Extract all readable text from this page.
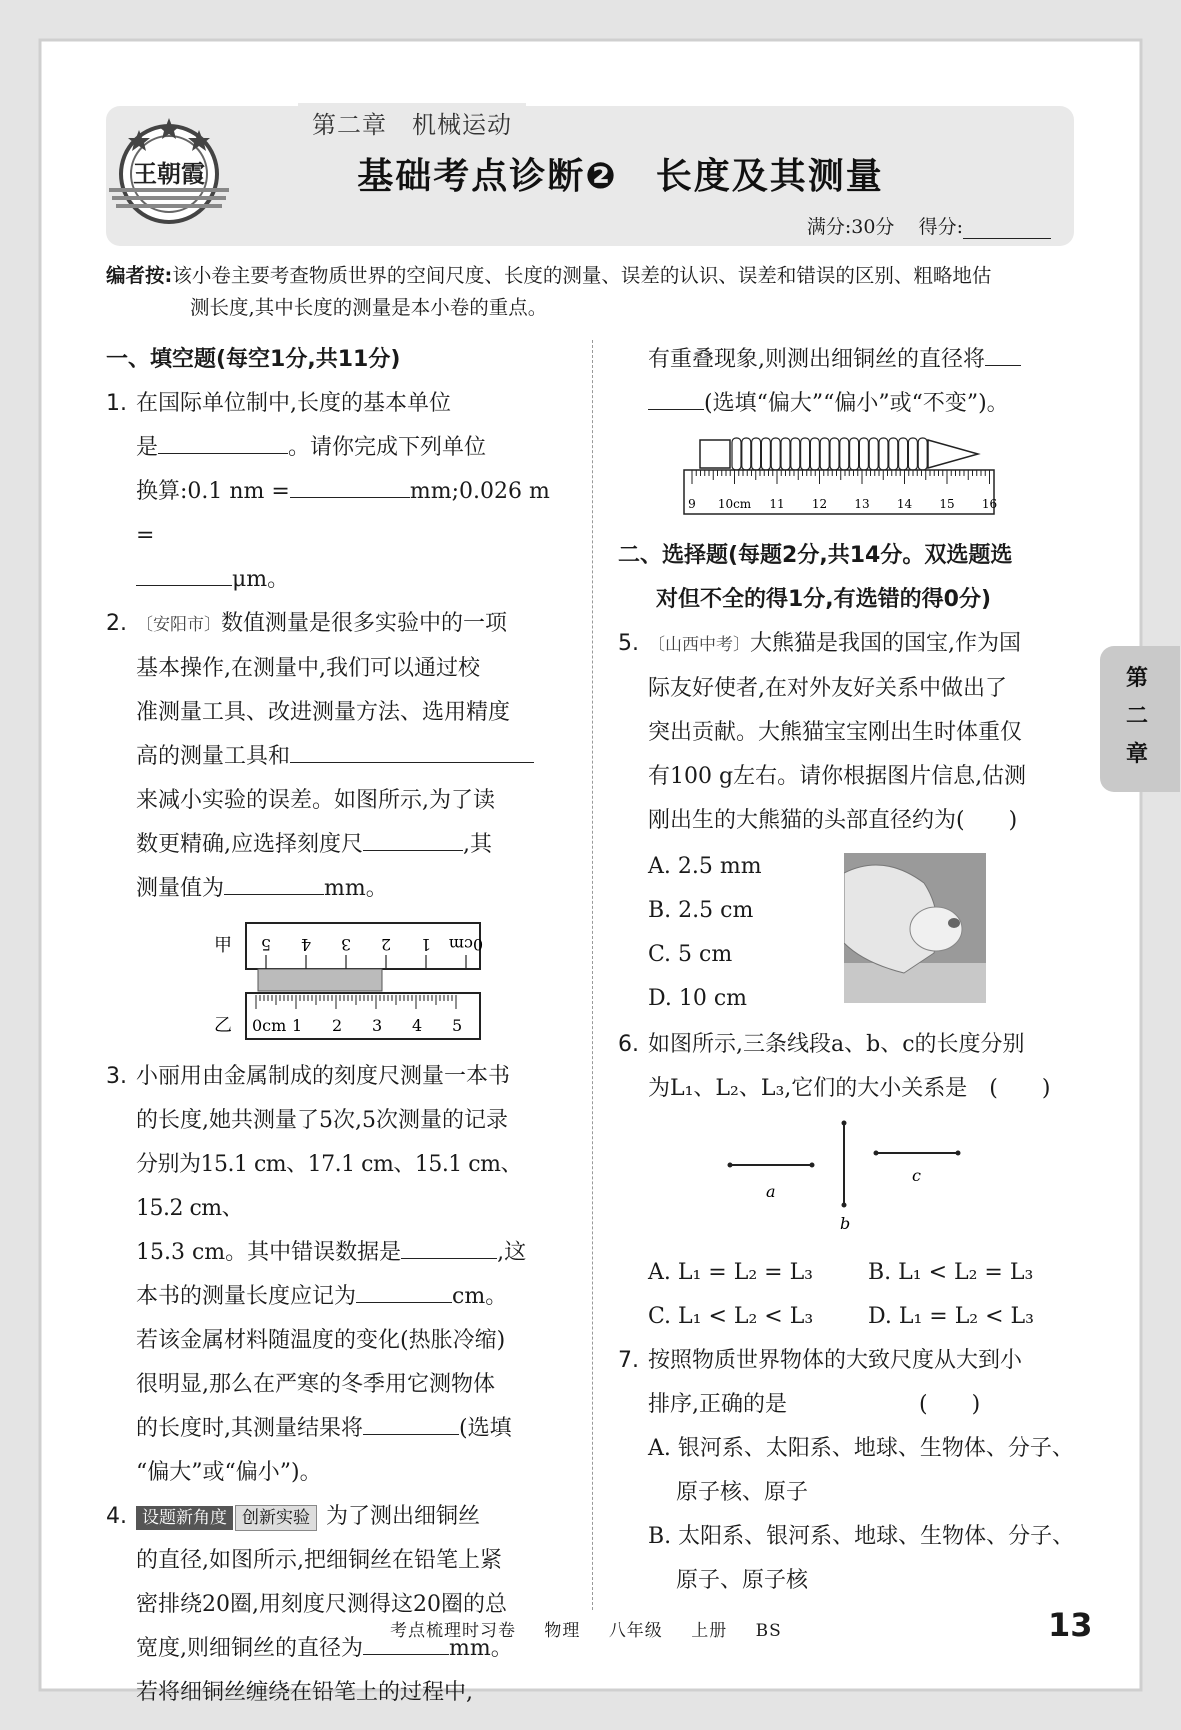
第二章　机械运动
王朝霞	基础考点诊断❷　长度及其测量
满分:30分 得分:
编者按:该小卷主要考查物质世界的空间尺度、长度的测量、误差的认识、误差和错误的区别、粗略地估
测长度,其中长度的测量是本小卷的重点。
一、填空题(每空1分,共11分)
1. 在国际单位制中,长度的基本单位
是	。请你完成下列单位
换算:0.1 nm =	mm;0.026 m =
μm。
2. 〔安阳市〕数值测量是很多实验中的一项
基本操作,在测量中,我们可以通过校
准测量工具、改进测量方法、选用精度
高的测量工具和
来减小实验的误差。如图所示,为了读
数更精确,应选择刻度尺	,其
测量值为	mm。
甲
乙
0cm
1
2
3
4
5
0cm 1 2 3 4 5
3. 小丽用由金属制成的刻度尺测量一本书
的长度,她共测量了5次,5次测量的记录
分别为15.1 cm、17.1 cm、15.1 cm、15.2 cm、
15.3 cm。其中错误数据是	,这
本书的测量长度应记为	cm。
若该金属材料随温度的变化(热胀冷缩)
很明显,那么在严寒的冬季用它测物体
的长度时,其测量结果将	(选填
“偏大”或“偏小”)。
4. 设题新角度 创新实验 为了测出细铜丝
的直径,如图所示,把细铜丝在铅笔上紧
密排绕20圈,用刻度尺测得这20圈的总
宽度,则细铜丝的直径为	mm。
若将细铜丝缠绕在铅笔上的过程中,
有重叠现象,则测出细铜丝的直径将
(选填“偏大”“偏小”或“不变”)。
9 10cm 11 12 13 14 15 16
二、选择题(每题2分,共14分。双选题选
对但不全的得1分,有选错的得0分)
5. 〔山西中考〕大熊猫是我国的国宝,作为国
际友好使者,在对外友好关系中做出了
突出贡献。大熊猫宝宝刚出生时体重仅
有100 g左右。请你根据图片信息,估测
刚出生的大熊猫的头部直径约为(　　)
A. 2.5 mm
B. 2.5 cm
C. 5 cm
D. 10 cm
6. 如图所示,三条线段a、b、c的长度分别
为L₁、L₂、L₃,它们的大小关系是　(　　)
a
b
c
A. L₁ = L₂ = L₃	B. L₁ < L₂ = L₃
C. L₁ < L₂ < L₃	D. L₁ = L₂ < L₃
7. 按照物质世界物体的大致尺度从大到小
排序,正确的是　　　　　　(　　)
A. 银河系、太阳系、地球、生物体、分子、
原子核、原子
B. 太阳系、银河系、地球、生物体、分子、
原子、原子核
第二章
考点梳理时习卷 物理 八年级 上册 BS	13
